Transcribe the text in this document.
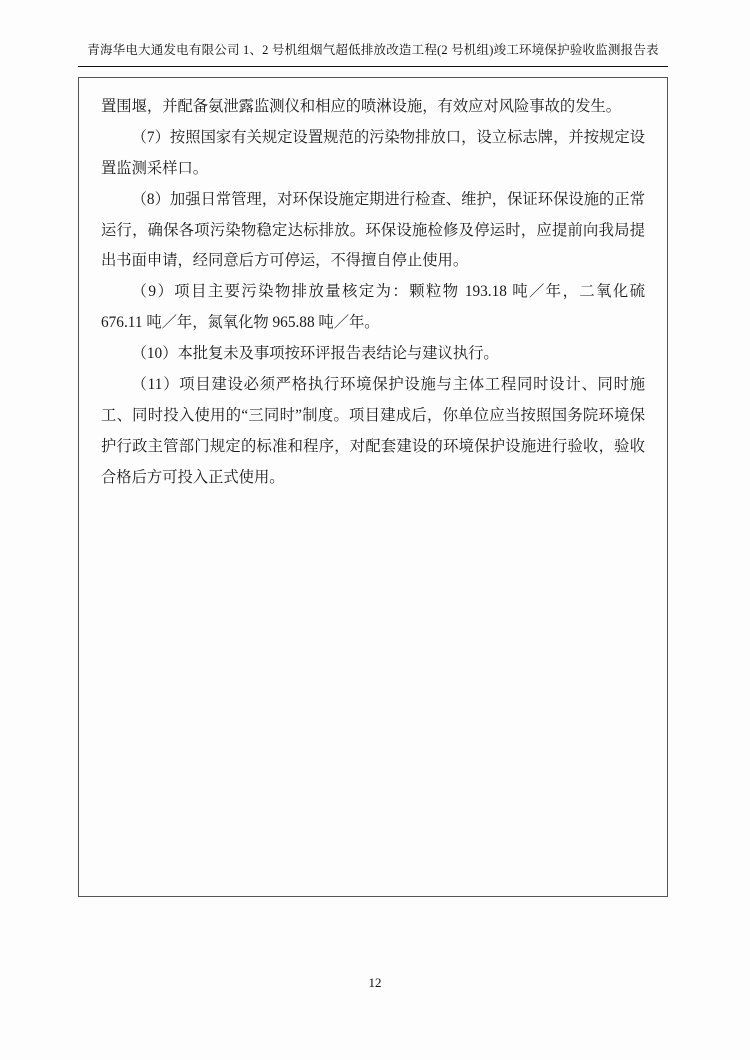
青海华电大通发电有限公司 1、2 号机组烟气超低排放改造工程(2 号机组)竣工环境保护验收监测报告表

置围堰，并配备氨泄露监测仪和相应的喷淋设施，有效应对风险事故的发生。

（7）按照国家有关规定设置规范的污染物排放口，设立标志牌，并按规定设置监测采样口。

（8）加强日常管理，对环保设施定期进行检查、维护，保证环保设施的正常运行，确保各项污染物稳定达标排放。环保设施检修及停运时，应提前向我局提出书面申请，经同意后方可停运，不得擅自停止使用。

（9）项目主要污染物排放量核定为：颗粒物 193.18 吨／年，二氧化硫 676.11 吨／年，氮氧化物 965.88 吨／年。

（10）本批复未及事项按环评报告表结论与建议执行。

（11）项目建设必须严格执行环境保护设施与主体工程同时设计、同时施工、同时投入使用的“三同时”制度。项目建成后，你单位应当按照国务院环境保护行政主管部门规定的标准和程序，对配套建设的环境保护设施进行验收，验收合格后方可投入正式使用。

12
